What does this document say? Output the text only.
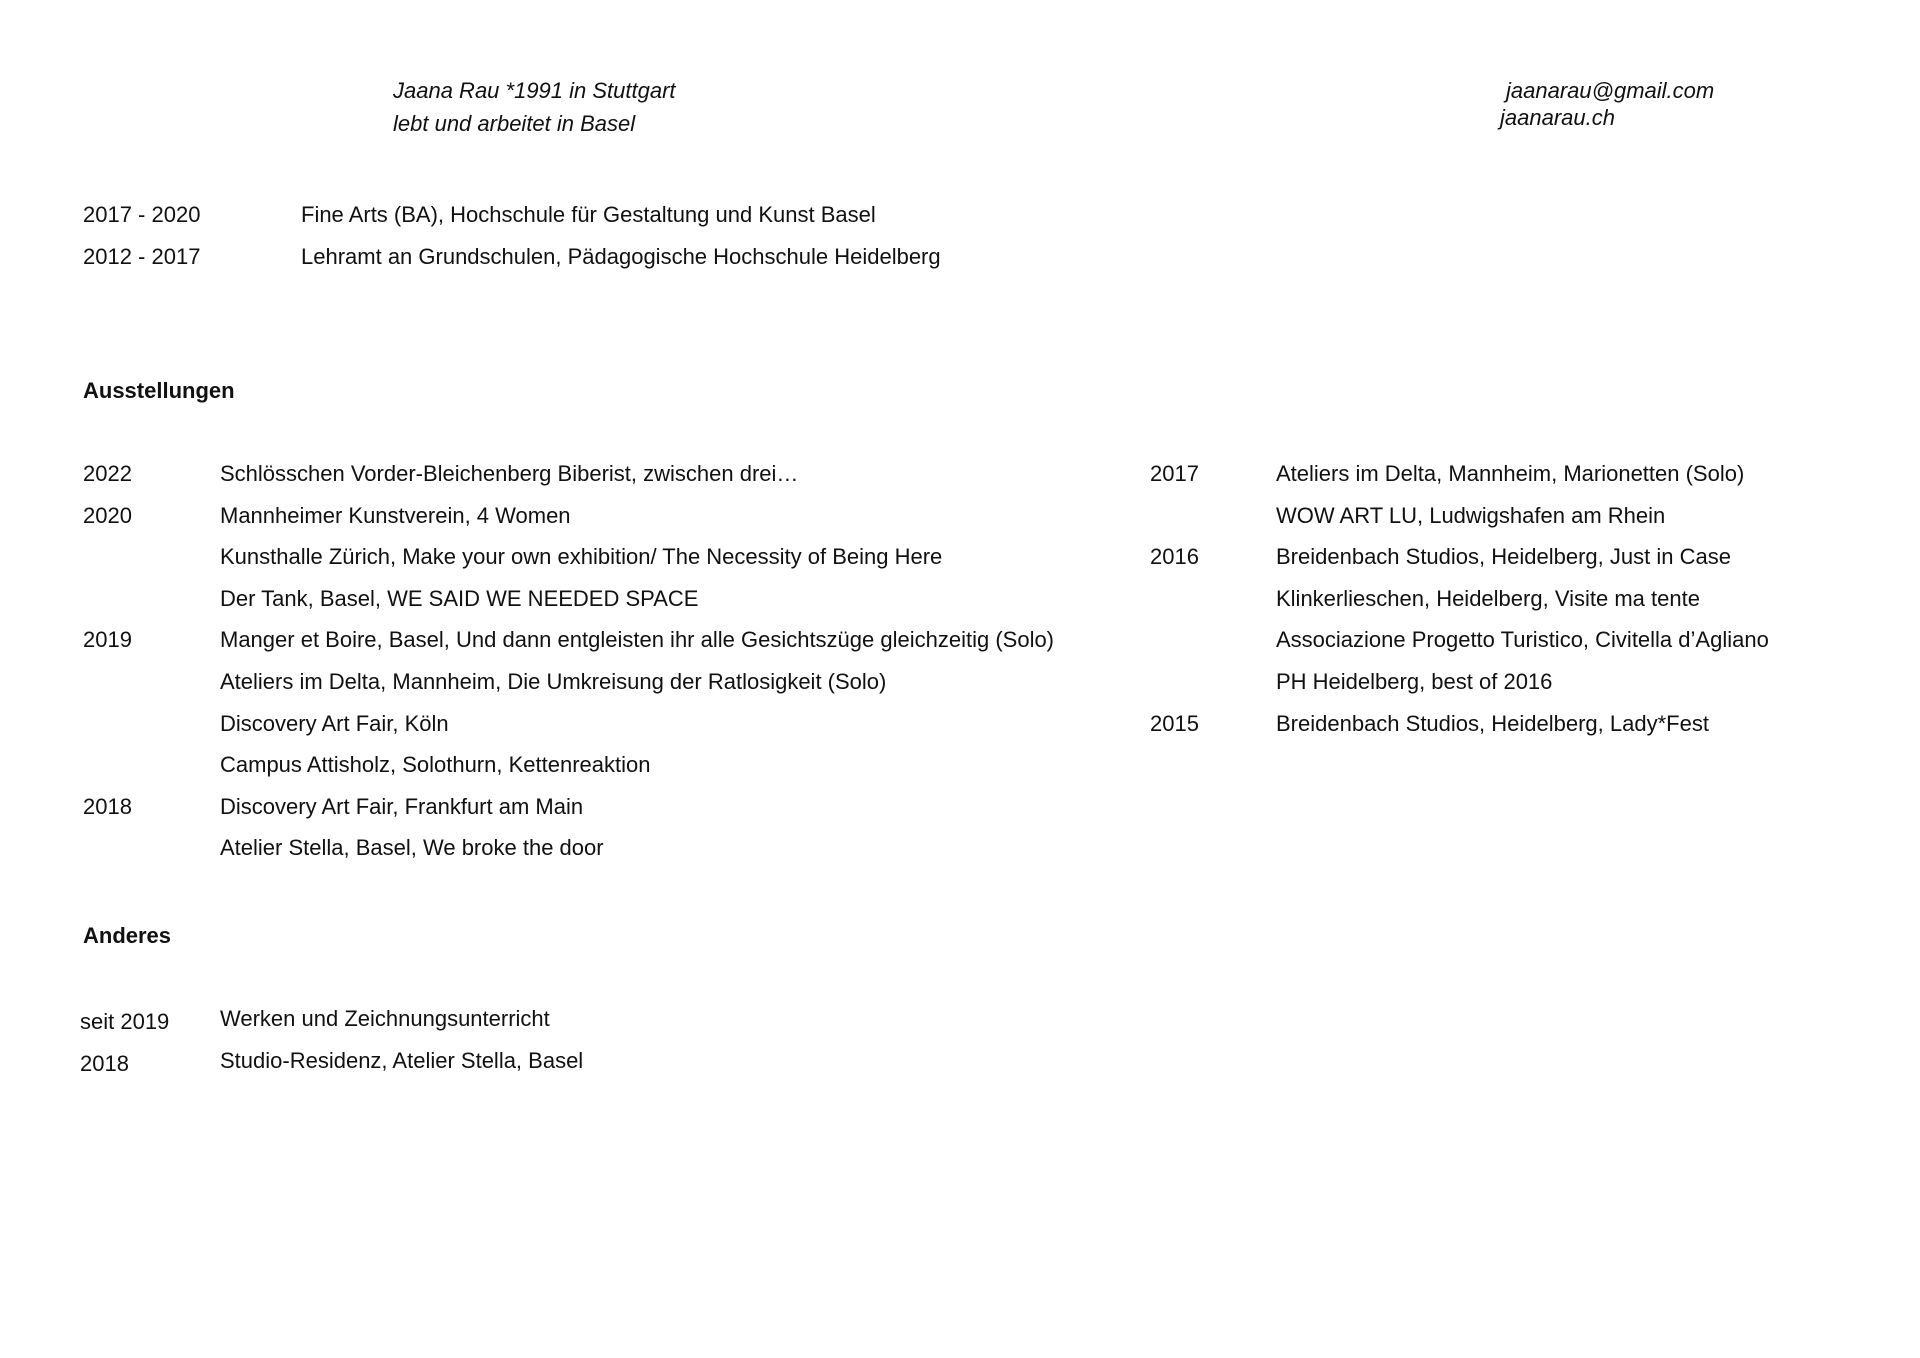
Jaana Rau *1991 in Stuttgart
lebt und arbeitet in Basel
jaanarau@gmail.com
jaanarau.ch
2017 - 2020	Fine Arts (BA), Hochschule für Gestaltung und Kunst Basel
2012 - 2017	Lehramt an Grundschulen, Pädagogische Hochschule Heidelberg
Ausstellungen
2022	Schlösschen Vorder-Bleichenberg Biberist, zwischen drei…
2020	Mannheimer Kunstverein, 4 Women
Kunsthalle Zürich, Make your own exhibition/ The Necessity of Being Here
Der Tank, Basel, WE SAID WE NEEDED SPACE
2019	Manger et Boire, Basel, Und dann entgleisten ihr alle Gesichtszüge gleichzeitig (Solo)
Ateliers im Delta, Mannheim, Die Umkreisung der Ratlosigkeit (Solo)
Discovery Art Fair, Köln
Campus Attisholz, Solothurn, Kettenreaktion
2018	Discovery Art Fair, Frankfurt am Main
Atelier Stella, Basel, We broke the door
2017	Ateliers im Delta, Mannheim, Marionetten (Solo)
WOW ART LU, Ludwigshafen am Rhein
2016	Breidenbach Studios, Heidelberg, Just in Case
Klinkerlieschen, Heidelberg, Visite ma tente
Associazione Progetto Turistico, Civitella d’Agliano
PH Heidelberg, best of 2016
2015	Breidenbach Studios, Heidelberg, Lady*Fest
Anderes
seit 2019 Werken und Zeichnungsunterricht
2018	Studio-Residenz, Atelier Stella, Basel
